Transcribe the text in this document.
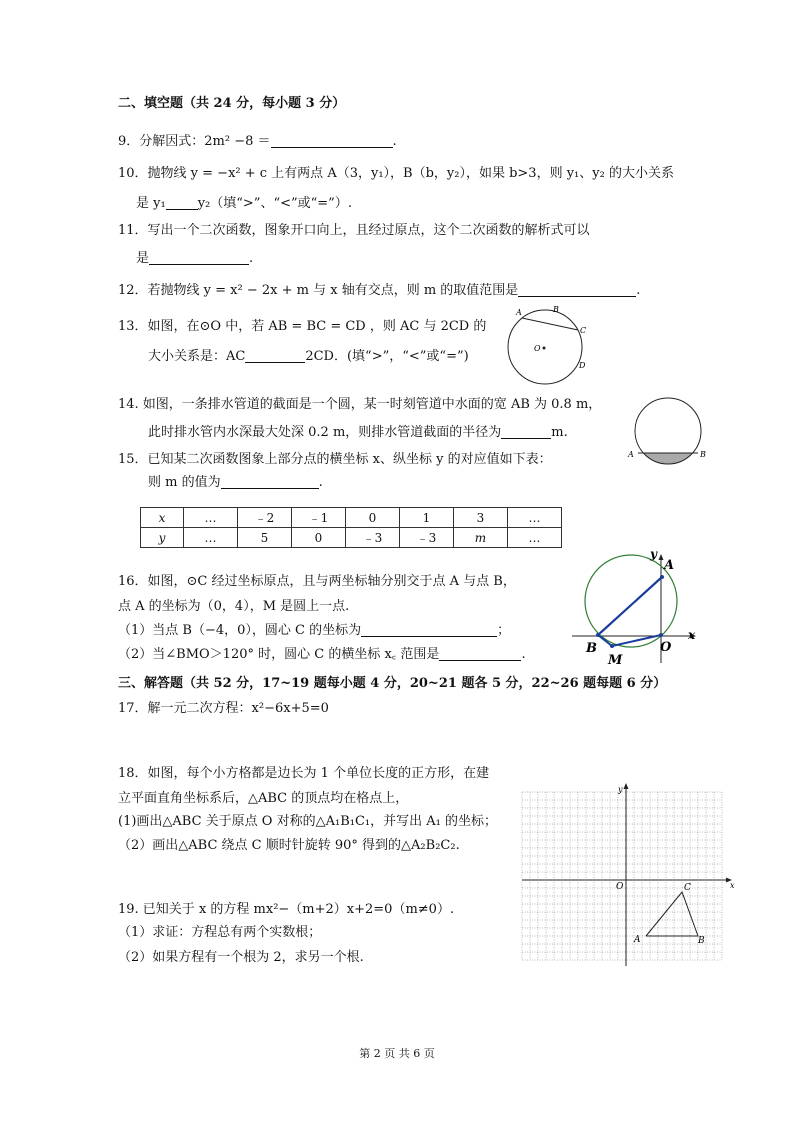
二、填空题（共 24 分，每小题 3 分）
9．分解因式：2m² −8 ＝	.
10．抛物线 y = −x² + c 上有两点 A（3，y₁），B（b，y₂），如果 b>3，则 y₁、y₂ 的大小关系
是 y₁ y₂（填“>”、“<”或“=”）.
11．写出一个二次函数，图象开口向上，且经过原点，这个二次函数的解析式可以
是	.
12．若抛物线 y = x² − 2x + m 与 x 轴有交点，则 m 的取值范围是	.
13．如图，在⊙O 中，若 AB = BC = CD ，则 AC 与 2CD 的
大小关系是：AC	2CD．(填“>”，“<”或“=”)
A	B
C
D
O
14. 如图，一条排水管道的截面是一个圆，某一时刻管道中水面的宽 AB 为 0.8 m，
此时排水管内水深最大处深 0.2 m，则排水管道截面的半径为	m.
A	B
15．已知某二次函数图象上部分点的横坐标 x、纵坐标 y 的对应值如下表：
则 m 的值为	.
x	…	﹣2	﹣1	0	1	3	…
y	…	5	0	﹣3	﹣3	m	…
16．如图，⊙C 经过坐标原点，且与两坐标轴分别交于点 A 与点 B，
点 A 的坐标为（0，4），M 是圆上一点.
（1）当点 B（−4，0），圆心 C 的坐标为	；
（2）当∠BMO＞120° 时，圆心 C 的横坐标 x꜀ 范围是	.
y
A
x
B
M
O
三、解答题（共 52 分，17~19 题每小题 4 分，20~21 题各 5 分，22~26 题每题 6 分）
17．解一元二次方程：x²−6x+5=0
18．如图，每个小方格都是边长为 1 个单位长度的正方形，在建
立平面直角坐标系后，△ABC 的顶点均在格点上，
(1)画出△ABC 关于原点 O 对称的△A₁B₁C₁，并写出 A₁ 的坐标；
（2）画出△ABC 绕点 C 顺时针旋转 90° 得到的△A₂B₂C₂.
y
x
O
A	B
C
19. 已知关于 x 的方程 mx²−（m+2）x+2=0（m≠0）.
（1）求证：方程总有两个实数根；
（2）如果方程有一个根为 2，求另一个根.
第 2 页 共 6 页
